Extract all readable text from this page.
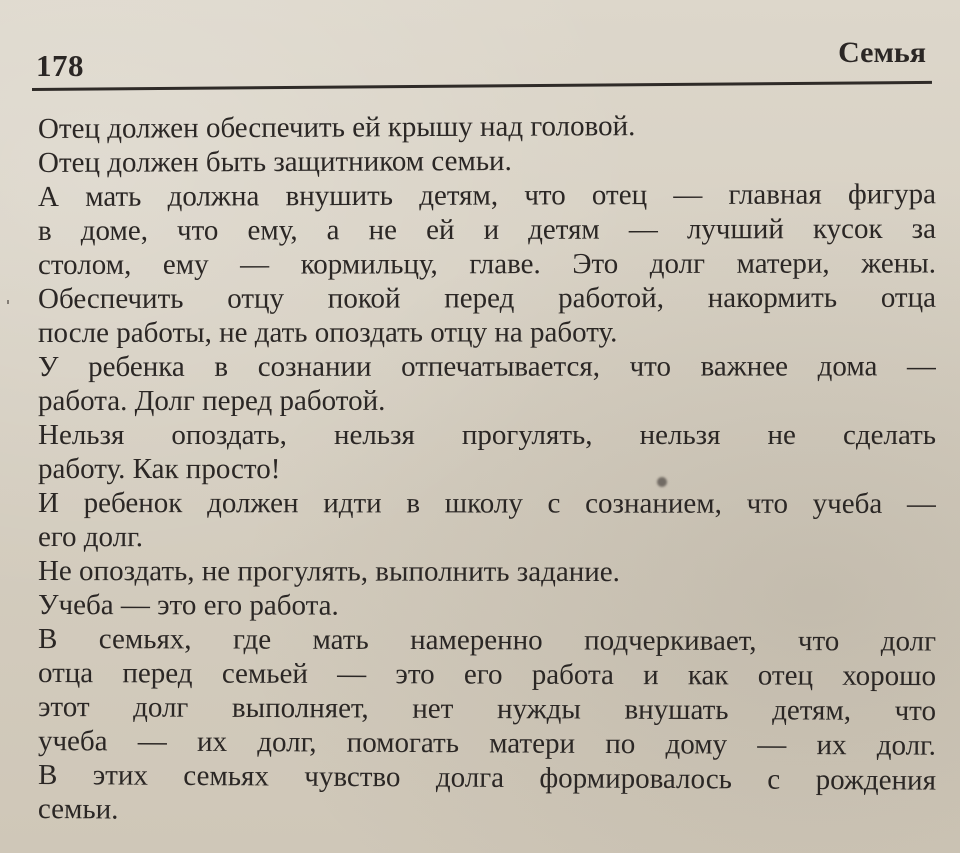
178	Семья
Отец должен обеспечить ей крышу над головой.
Отец должен быть защитником семьи.
А мать должна внушить детям, что отец — главная фигура
в доме, что ему, а не ей и детям — лучший кусок за
столом, ему — кормильцу, главе. Это долг матери, жены.
Обеспечить отцу покой перед работой, накормить отца
после работы, не дать опоздать отцу на работу.
У ребенка в сознании отпечатывается, что важнее дома —
работа. Долг перед работой.
Нельзя опоздать, нельзя прогулять, нельзя не сделать
работу. Как просто!
И ребенок должен идти в школу с сознанием, что учеба —
его долг.
Не опоздать, не прогулять, выполнить задание.
Учеба — это его работа.
В семьях, где мать намеренно подчеркивает, что долг
отца перед семьей — это его работа и как отец хорошо
этот долг выполняет, нет нужды внушать детям, что
учеба — их долг, помогать матери по дому — их долг.
В этих семьях чувство долга формировалось с рождения
семьи.
